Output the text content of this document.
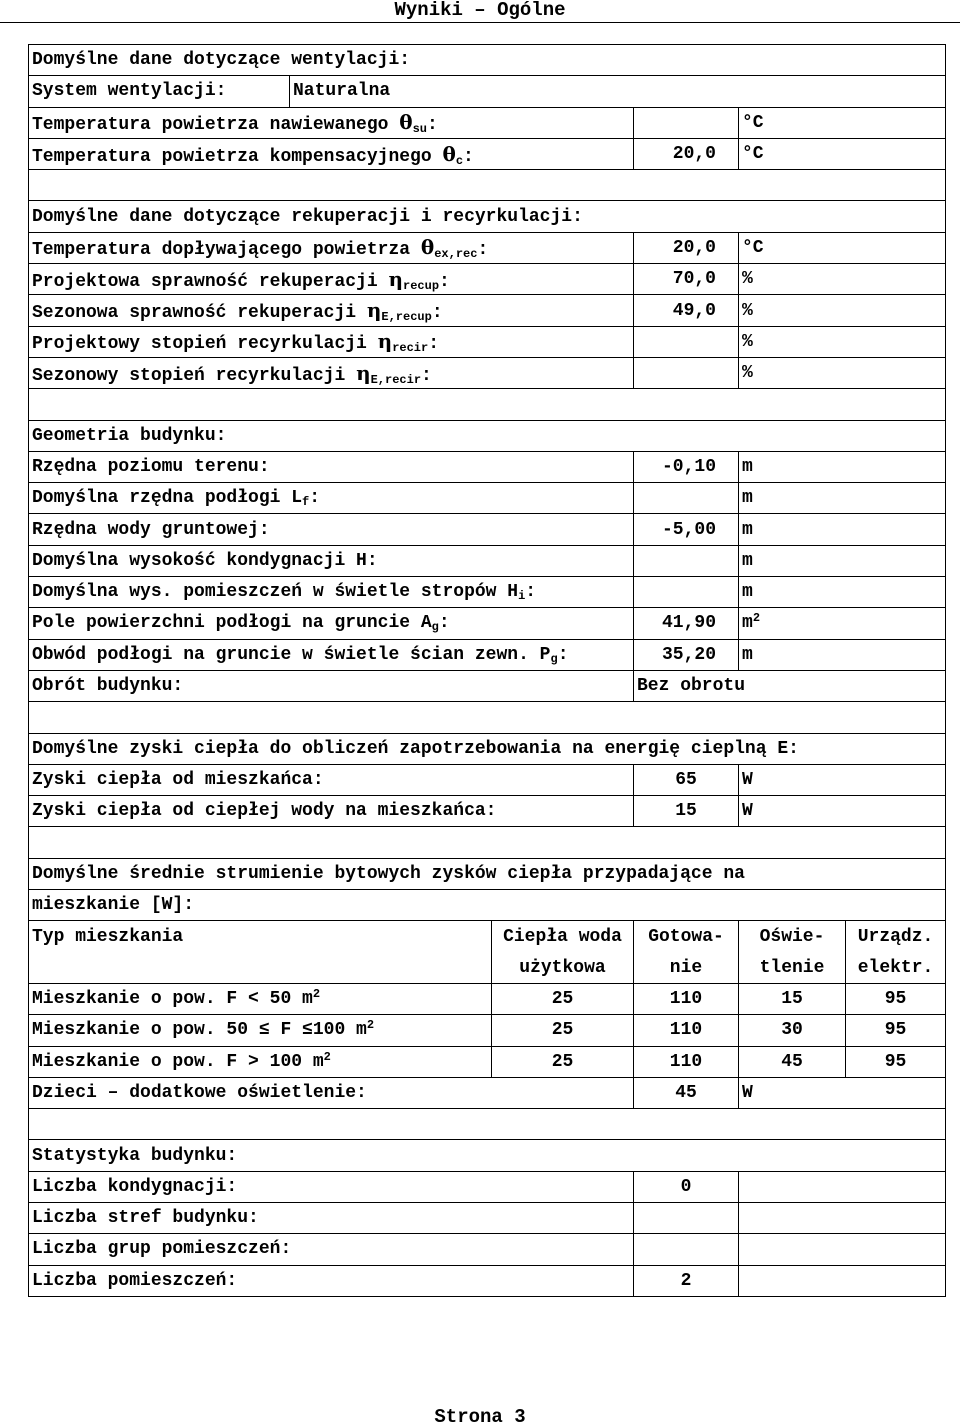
Wyniki – Ogólne
Domyślne dane dotyczące wentylacji:					
System wentylacji:	Naturalna				
Temperatura powietrza nawiewanego $\theta_{su}$:				°C	
Temperatura powietrza kompensacyjnego $\theta_c$:			20,0	°C	

Domyślne dane dotyczące rekuperacji i recyrkulacji:					
Temperatura dopływającego powietrza $\theta_{ex,rec}$:			20,0	°C	
Projektowa sprawność rekuperacji $\eta_{recup}$:			70,0	%	
Sezonowa sprawność rekuperacji $\eta_{E,recup}$:			49,0	%	
Projektowy stopień recyrkulacji $\eta_{recir}$:				%	
Sezonowy stopień recyrkulacji $\eta_{E,recir}$:				%	

Geometria budynku:					
Rzędna poziomu terenu:			-0,10	m	
Domyślna rzędna podłogi $L_f$:				m	
Rzędna wody gruntowej:			-5,00	m	
Domyślna wysokość kondygnacji H:				m	
Domyślna wys. pomieszczeń w świetle stropów $H_i$:				m	
Pole powierzchni podłogi na gruncie $A_g$:			41,90	$m^2$
Obwód podłogi na gruncie w świetle ścian zewn. $P_g$:			35,20	m	
Obrót budynku:			Bez obrotu		

Domyślne zyski ciepła do obliczeń zapotrzebowania na energię cieplną E:					
Zyski ciepła od mieszkańca:			65	W	
Zyski ciepła od ciepłej wody na mieszkańca:			15	W	

Domyślne średnie strumienie bytowych zysków ciepła przypadające na					
mieszkanie [W]:					
Typ mieszkania		Ciepła woda	Gotowa-	Oświe-	Urządz.
		użytkowa	nie	tlenie	elektr.
Mieszkanie o pow. F < 50 $m^2$		25	110	15	95
Mieszkanie o pow. 50 ≤ F ≤100 $m^2$		25	110	30	95
Mieszkanie o pow. F > 100 $m^2$		25	110	45	95
Dzieci – dodatkowe oświetlenie:			45	W	

Statystyka budynku:					
Liczba kondygnacji:			0		
Liczba stref budynku:					
Liczba grup pomieszczeń:					
Liczba pomieszczeń:			2		
Strona 3
